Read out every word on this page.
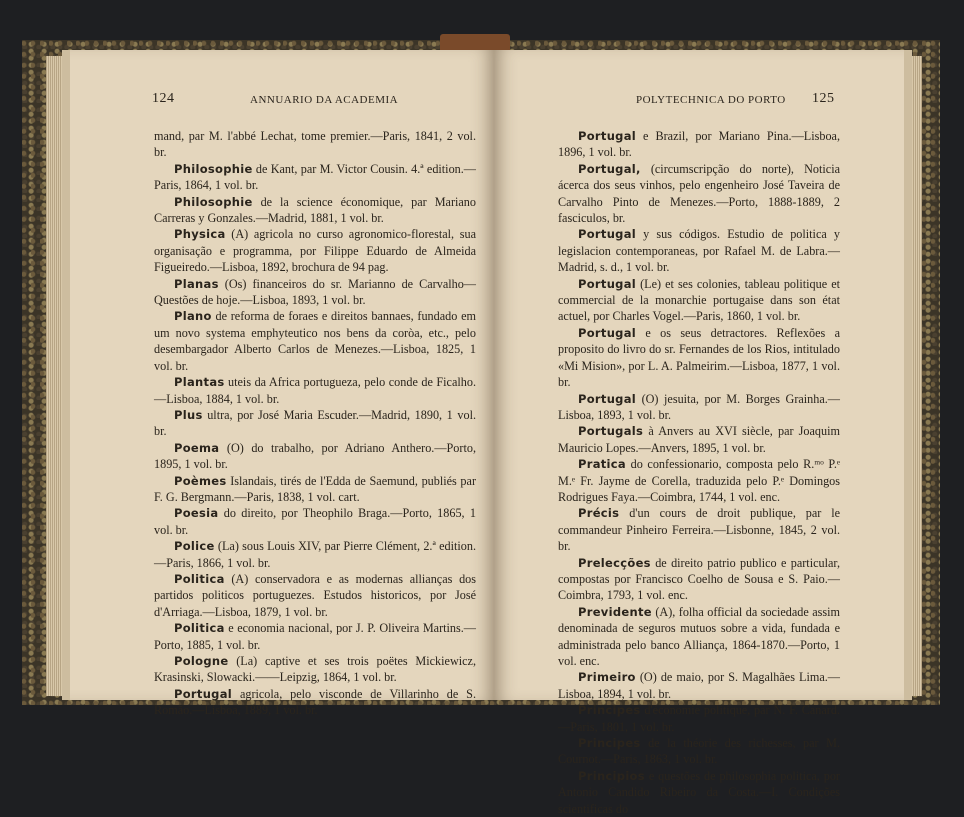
124	ANNUARIO DA ACADEMIA

mand, par M. l'abbé Lechat, tome premier.—Paris, 1841, 2 vol. br.

Philosophie de Kant, par M. Victor Cousin. 4.ª edition.—Paris, 1864, 1 vol. br.

Philosophie de la science économique, par Mariano Carreras y Gonzales.—Madrid, 1881, 1 vol. br.

Physica (A) agricola no curso agronomico-florestal, sua organisação e programma, por Filippe Eduardo de Almeida Figueiredo.—Lisboa, 1892, brochura de 94 pag.

Planas (Os) financeiros do sr. Marianno de Carvalho—Questões de hoje.—Lisboa, 1893, 1 vol. br.

Plano de reforma de foraes e direitos bannaes, fundado em um novo systema emphyteutico nos bens da coròa, etc., pelo desembargador Alberto Carlos de Menezes.—Lisboa, 1825, 1 vol. br.

Plantas uteis da Africa portugueza, pelo conde de Ficalho.—Lisboa, 1884, 1 vol. br.

Plus ultra, por José Maria Escuder.—Madrid, 1890, 1 vol. br.

Poema (O) do trabalho, por Adriano Anthero.—Porto, 1895, 1 vol. br.

Poèmes Islandais, tirés de l'Edda de Saemund, publiés par F. G. Bergmann.—Paris, 1838, 1 vol. cart.

Poesia do direito, por Theophilo Braga.—Porto, 1865, 1 vol. br.

Police (La) sous Louis XIV, par Pierre Clément, 2.ª edition.—Paris, 1866, 1 vol. br.

Politica (A) conservadora e as modernas allianças dos partidos politicos portuguezes. Estudos historicos, por José d'Arriaga.—Lisboa, 1879, 1 vol. br.

Politica e economia nacional, por J. P. Oliveira Martins.—Porto, 1885, 1 vol. br.

Pologne (La) captive et ses trois poëtes Mickiewicz, Krasinski, Slowacki.——Leipzig, 1864, 1 vol. br.

Portugal agricola, pelo visconde de Villarinho de S. Romão.—Lisboa, 1889, 1 vol. br.

POLYTECHNICA DO PORTO 125

Portugal e Brazil, por Mariano Pina.—Lisboa, 1896, 1 vol. br.

Portugal, (circumscripção do norte), Noticia ácerca dos seus vinhos, pelo engenheiro José Taveira de Carvalho Pinto de Menezes.—Porto, 1888-1889, 2 fasciculos, br.

Portugal y sus códigos. Estudio de politica y legislacion contemporaneas, por Rafael M. de Labra.—Madrid, s. d., 1 vol. br.

Portugal (Le) et ses colonies, tableau politique et commercial de la monarchie portugaise dans son état actuel, por Charles Vogel.—Paris, 1860, 1 vol. br.

Portugal e os seus detractores. Reflexões a proposito do livro do sr. Fernandes de los Rios, intitulado «Mi Mision», por L. A. Palmeirim.—Lisboa, 1877, 1 vol. br.

Portugal (O) jesuita, por M. Borges Grainha.—Lisboa, 1893, 1 vol. br.

Portugals à Anvers au XVI siècle, par Joaquim Mauricio Lopes.—Anvers, 1895, 1 vol. br.

Pratica do confessionario, composta pelo R.ᵐᵒ P.ᵉ M.ᵉ Fr. Jayme de Corella, traduzida pelo P.ᵉ Domingos Rodrigues Faya.—Coimbra, 1744, 1 vol. enc.

Précis d'un cours de droit publique, par le commandeur Pinheiro Ferreira.—Lisbonne, 1845, 2 vol. br.

Prelecções de direito patrio publico e particular, compostas por Francisco Coelho de Sousa e S. Paio.—Coimbra, 1793, 1 vol. enc.

Previdente (A), folha official da sociedade assim denominada de seguros mutuos sobre a vida, fundada e administrada pelo banco Alliança, 1864-1870.—Porto, 1 vol. enc.

Primeiro (O) de maio, por S. Magalhães Lima.—Lisboa, 1894, 1 vol. br.

Principes d'économie politique, par N. F. Canard.—Paris, 1801, 1 vol. br.

Principes de la théorie des richesses, par M. Cournot.—Paris, 1863, 1 vol. br.

Principios e questões de philosophia politica, por Antonio Candido Ribeiro da Costa.—I. Condições scientificas do
